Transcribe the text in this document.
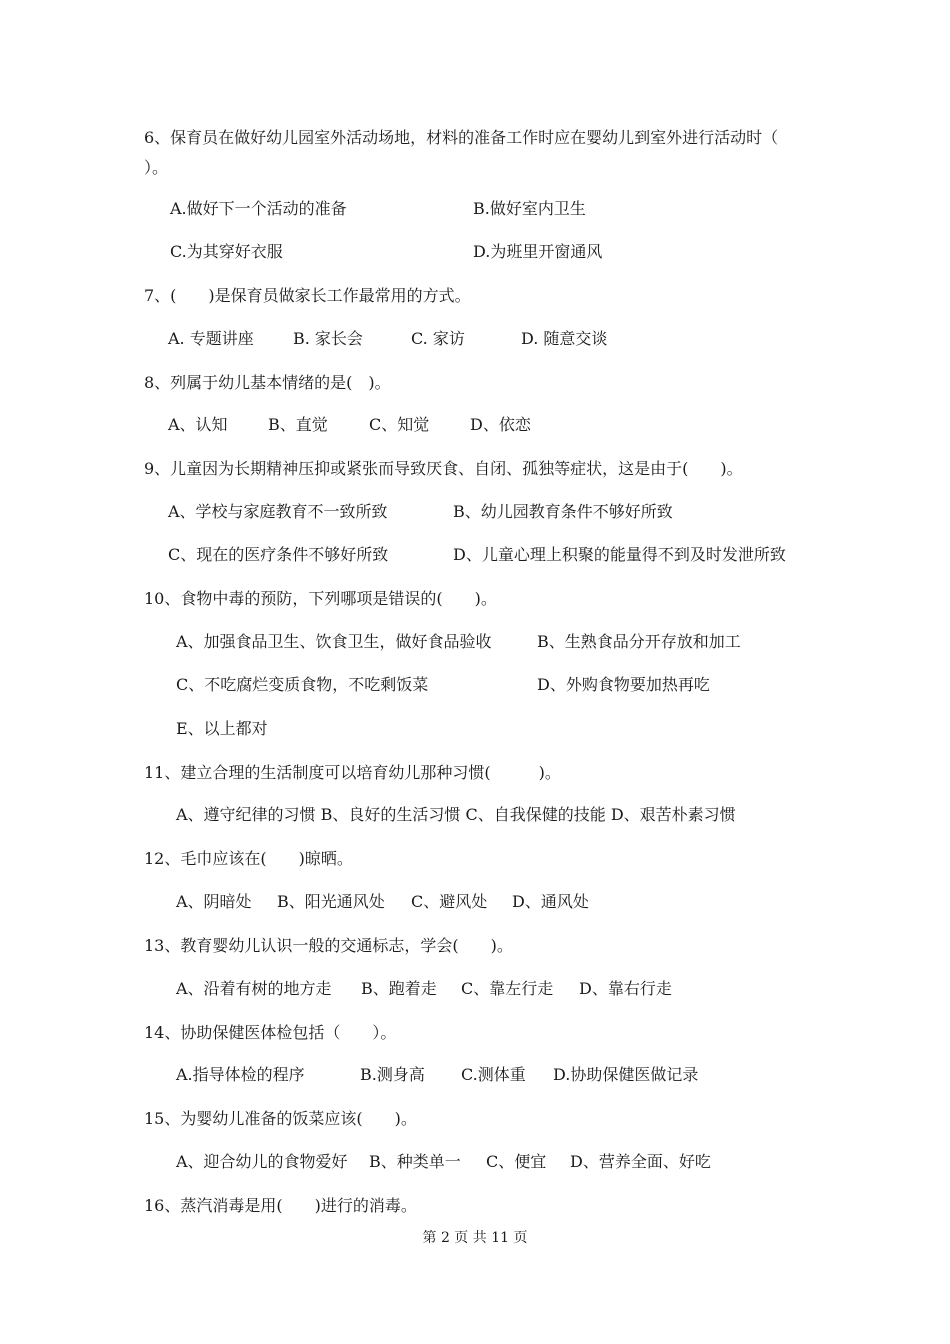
6、保育员在做好幼儿园室外活动场地，材料的准备工作时应在婴幼儿到室外进行活动时（
）。
A.做好下一个活动的准备	B.做好室内卫生
C.为其穿好衣服	D.为班里开窗通风
7、(　　)是保育员做家长工作最常用的方式。
A. 专题讲座 B. 家长会	C. 家访	D. 随意交谈
8、列属于幼儿基本情绪的是(　)。
A、认知	B、直觉	C、知觉	D、依恋
9、儿童因为长期精神压抑或紧张而导致厌食、自闭、孤独等症状，这是由于(　　)。
A、学校与家庭教育不一致所致	B、幼儿园教育条件不够好所致
C、现在的医疗条件不够好所致	D、儿童心理上积聚的能量得不到及时发泄所致
10、食物中毒的预防，下列哪项是错误的(　　)。
A、加强食品卫生、饮食卫生，做好食品验收	B、生熟食品分开存放和加工
C、不吃腐烂变质食物，不吃剩饭菜	D、外购食物要加热再吃
E、以上都对
11、建立合理的生活制度可以培育幼儿那种习惯(　　　)。
A、遵守纪律的习惯 B、良好的生活习惯 C、自我保健的技能 D、艰苦朴素习惯
12、毛巾应该在(　　)晾晒。
A、阴暗处 B、阳光通风处 C、避风处 D、通风处
13、教育婴幼儿认识一般的交通标志，学会(　　)。
A、沿着有树的地方走 B、跑着走 C、靠左行走 D、靠右行走
14、协助保健医体检包括（　　）。
A.指导体检的程序	B.测身高 C.测体重 D.协助保健医做记录
15、为婴幼儿准备的饭菜应该(　　)。
A、迎合幼儿的食物爱好 B、种类单一 C、便宜 D、营养全面、好吃
16、蒸汽消毒是用(　　)进行的消毒。
第 2 页 共 11 页
